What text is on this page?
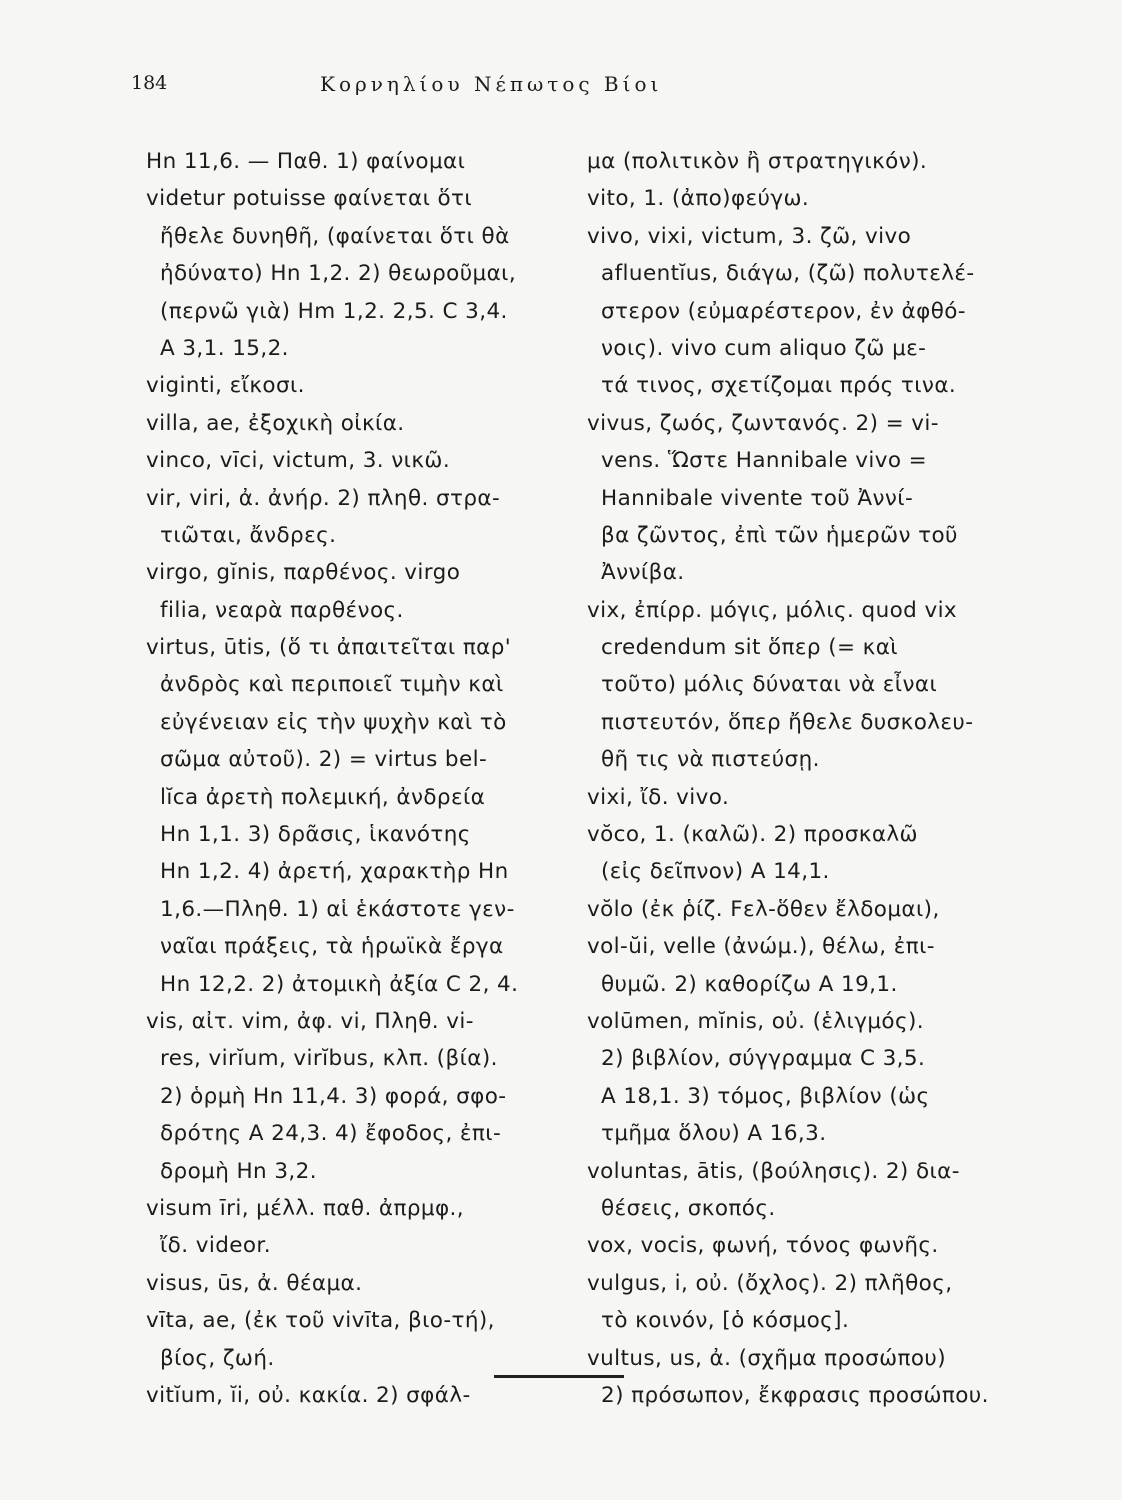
184	Κορνηλίου Νέπωτος Βίοι
Hn 11,6. — Παθ. 1) φαίνομαι
videtur potuisse φαίνεται ὅτι
ἤθελε δυνηθῆ, (φαίνεται ὅτι θὰ
ἠδύνατο) Hn 1,2. 2) θεωροῦμαι,
(περνῶ γιὰ) Hm 1,2. 2,5. C 3,4.
A 3,1. 15,2.
viginti, εἴκοσι.
villa, ae, ἐξοχικὴ οἰκία.
vinco, vīci, victum, 3. νικῶ.
vir, viri, ἀ. ἀνήρ. 2) πληθ. στρα-
τιῶται, ἄνδρες.
virgo, gĭnis, παρθένος. virgo
filia, νεαρὰ παρθένος.
virtus, ūtis, (ὅ τι ἀπαιτεῖται παρ'
ἀνδρὸς καὶ περιποιεῖ τιμὴν καὶ
εὐγένειαν εἰς τὴν ψυχὴν καὶ τὸ
σῶμα αὐτοῦ). 2) = virtus bel-
lĭca ἀρετὴ πολεμική, ἀνδρεία
Hn 1,1. 3) δρᾶσις, ἱκανότης
Hn 1,2. 4) ἀρετή, χαρακτὴρ Hn
1,6.—Πληθ. 1) αἱ ἑκάστοτε γεν-
ναῖαι πράξεις, τὰ ἡρωϊκὰ ἔργα
Hn 12,2. 2) ἀτομικὴ ἀξία C 2, 4.
vis, αἰτ. vim, ἀφ. vi, Πληθ. vi-
res, virĭum, virĭbus, κλπ. (βία).
2) ὁρμὴ Hn 11,4. 3) φορά, σφο-
δρότης A 24,3. 4) ἔφοδος, ἐπι-
δρομὴ Hn 3,2.
visum īri, μέλλ. παθ. ἀπρμφ.,
ἴδ. videor.
visus, ūs, ἀ. θέαμα.
vīta, ae, (ἐκ τοῦ vivīta, βιο-τή),
βίος, ζωή.
vitĭum, ĭi, οὐ. κακία. 2) σφάλ-
μα (πολιτικὸν ἢ στρατηγικόν).
vito, 1. (ἀπο)φεύγω.
vivo, vixi, victum, 3. ζῶ, vivo
afluentĭus, διάγω, (ζῶ) πολυτελέ-
στερον (εὐμαρέστερον, ἐν ἀφθό-
νοις). vivo cum aliquo ζῶ με-
τά τινος, σχετίζομαι πρός τινα.
vivus, ζωός, ζωντανός. 2) = vi-
vens. Ὥστε Hannibale vivo =
Hannibale vivente τοῦ Ἀννί-
βα ζῶντος, ἐπὶ τῶν ἡμερῶν τοῦ
Ἀννίβα.
vix, ἐπίρρ. μόγις, μόλις. quod vix
credendum sit ὅπερ (= καὶ
τοῦτο) μόλις δύναται νὰ εἶναι
πιστευτόν, ὅπερ ἤθελε δυσκολευ-
θῆ τις νὰ πιστεύσῃ.
vixi, ἴδ. vivo.
vŏco, 1. (καλῶ). 2) προσκαλῶ
(εἰς δεῖπνον) A 14,1.
vŏlo (ἐκ ῥίζ. Fελ-ὅθεν ἔλδομαι),
vol-ŭi, velle (ἀνώμ.), θέλω, ἐπι-
θυμῶ. 2) καθορίζω A 19,1.
volūmen, mĭnis, οὐ. (ἑλιγμός).
2) βιβλίον, σύγγραμμα C 3,5.
A 18,1. 3) τόμος, βιβλίον (ὡς
τμῆμα ὅλου) A 16,3.
voluntas, ātis, (βούλησις). 2) δια-
θέσεις, σκοπός.
vox, vocis, φωνή, τόνος φωνῆς.
vulgus, i, οὐ. (ὄχλος). 2) πλῆθος,
τὸ κοινόν, [ὁ κόσμος].
vultus, us, ἀ. (σχῆμα προσώπου)
2) πρόσωπον, ἔκφρασις προσώπου.
